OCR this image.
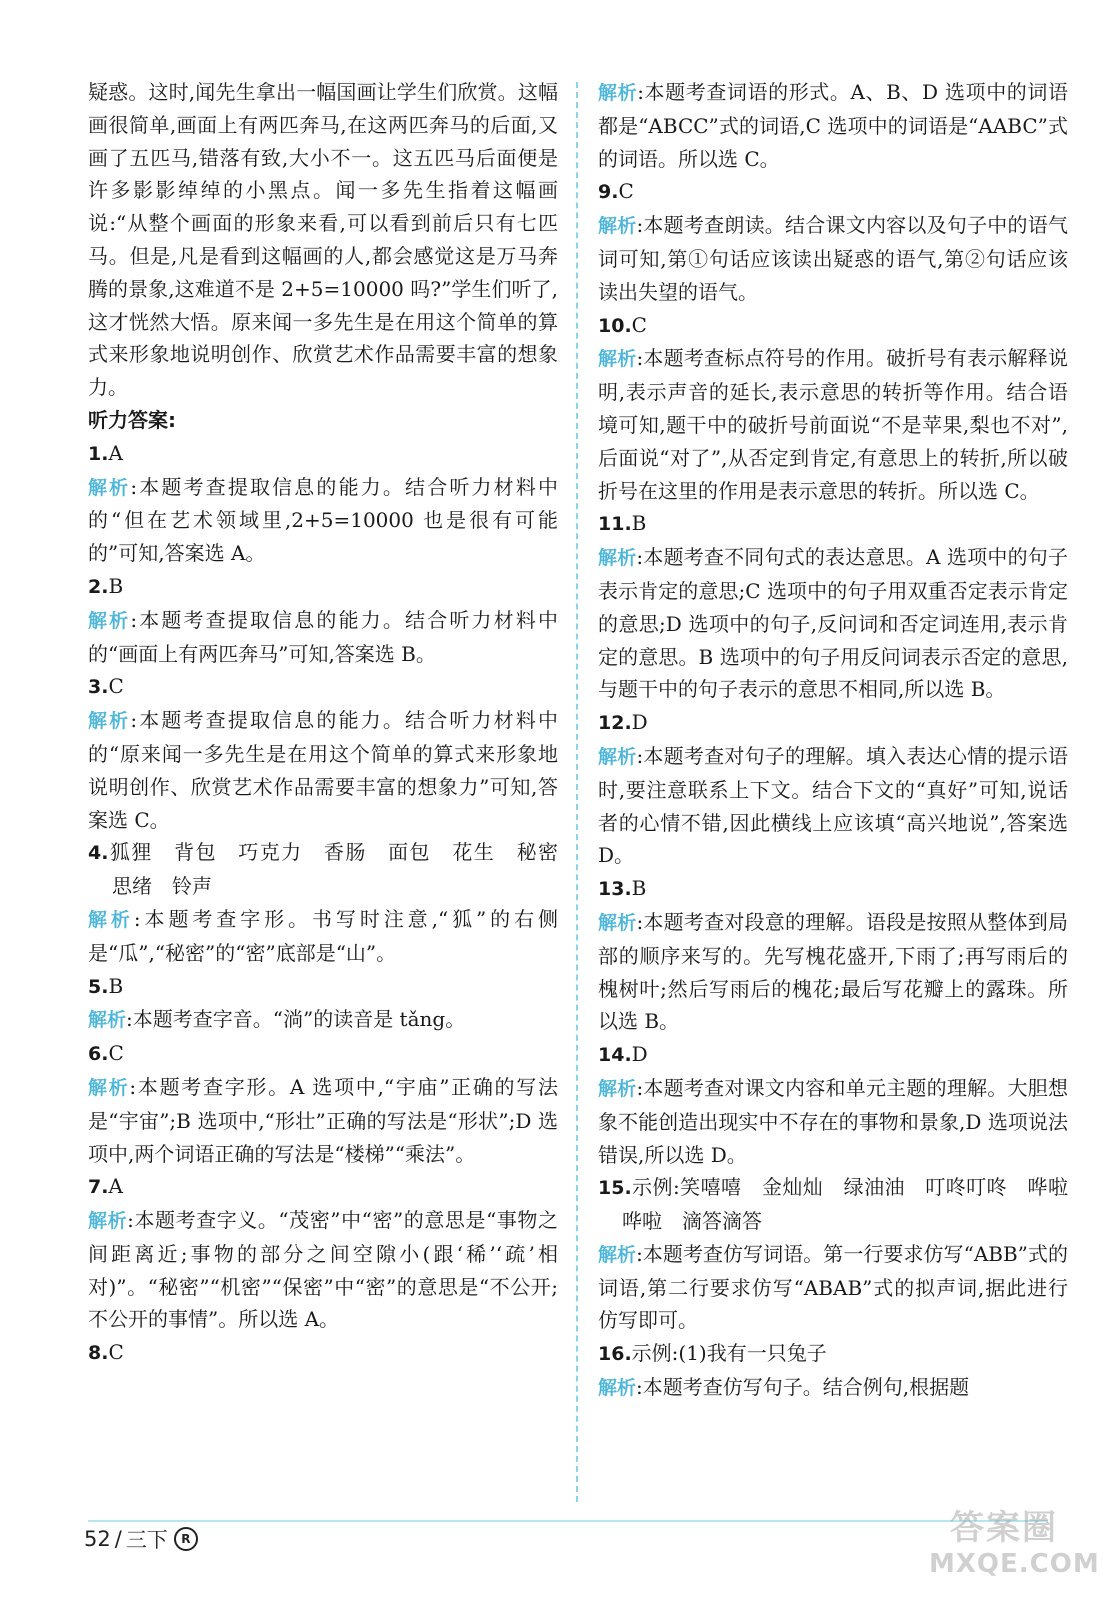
疑惑。这时,闻先生拿出一幅国画让学生们欣赏。这幅画很简单,画面上有两匹奔马,在这两匹奔马的后面,又画了五匹马,错落有致,大小不一。这五匹马后面便是许多影影绰绰的小黑点。闻一多先生指着这幅画说:“从整个画面的形象来看,可以看到前后只有七匹马。但是,凡是看到这幅画的人,都会感觉这是万马奔腾的景象,这难道不是 2+5=10000 吗?”学生们听了,这才恍然大悟。原来闻一多先生是在用这个简单的算式来形象地说明创作、欣赏艺术作品需要丰富的想象力。

听力答案:

1.A

解析:本题考查提取信息的能力。结合听力材料中的“但在艺术领域里,2+5=10000 也是很有可能的”可知,答案选 A。

2.B

解析:本题考查提取信息的能力。结合听力材料中的“画面上有两匹奔马”可知,答案选 B。

3.C

解析:本题考查提取信息的能力。结合听力材料中的“原来闻一多先生是在用这个简单的算式来形象地说明创作、欣赏艺术作品需要丰富的想象力”可知,答案选 C。

4.狐狸　背包　巧克力　香肠　面包　花生　秘密　思绪　铃声

解析:本题考查字形。书写时注意,“狐”的右侧是“瓜”,“秘密”的“密”底部是“山”。

5.B

解析:本题考查字音。“淌”的读音是 tǎng。

6.C

解析:本题考查字形。A 选项中,“宇庙”正确的写法是“宇宙”;B 选项中,“形壮”正确的写法是“形状”;D 选项中,两个词语正确的写法是“楼梯”“乘法”。

7.A

解析:本题考查字义。“茂密”中“密”的意思是“事物之间距离近;事物的部分之间空隙小(跟‘稀’‘疏’相对)”。“秘密”“机密”“保密”中“密”的意思是“不公开;不公开的事情”。所以选 A。

8.C

解析:本题考查词语的形式。A、B、D 选项中的词语都是“ABCC”式的词语,C 选项中的词语是“AABC”式的词语。所以选 C。

9.C

解析:本题考查朗读。结合课文内容以及句子中的语气词可知,第①句话应该读出疑惑的语气,第②句话应该读出失望的语气。

10.C

解析:本题考查标点符号的作用。破折号有表示解释说明,表示声音的延长,表示意思的转折等作用。结合语境可知,题干中的破折号前面说“不是苹果,梨也不对”,后面说“对了”,从否定到肯定,有意思上的转折,所以破折号在这里的作用是表示意思的转折。所以选 C。

11.B

解析:本题考查不同句式的表达意思。A 选项中的句子表示肯定的意思;C 选项中的句子用双重否定表示肯定的意思;D 选项中的句子,反问词和否定词连用,表示肯定的意思。B 选项中的句子用反问词表示否定的意思,与题干中的句子表示的意思不相同,所以选 B。

12.D

解析:本题考查对句子的理解。填入表达心情的提示语时,要注意联系上下文。结合下文的“真好”可知,说话者的心情不错,因此横线上应该填“高兴地说”,答案选 D。

13.B

解析:本题考查对段意的理解。语段是按照从整体到局部的顺序来写的。先写槐花盛开,下雨了;再写雨后的槐树叶;然后写雨后的槐花;最后写花瓣上的露珠。所以选 B。

14.D

解析:本题考查对课文内容和单元主题的理解。大胆想象不能创造出现实中不存在的事物和景象,D 选项说法错误,所以选 D。

15.示例:笑嘻嘻　金灿灿　绿油油　叮咚叮咚　哗啦哗啦　滴答滴答

解析:本题考查仿写词语。第一行要求仿写“ABB”式的词语,第二行要求仿写“ABAB”式的拟声词,据此进行仿写即可。

16.示例:(1)我有一只兔子

解析:本题考查仿写句子。结合例句,根据题

52 / 三下	R	答案圈
MXQE.COM
